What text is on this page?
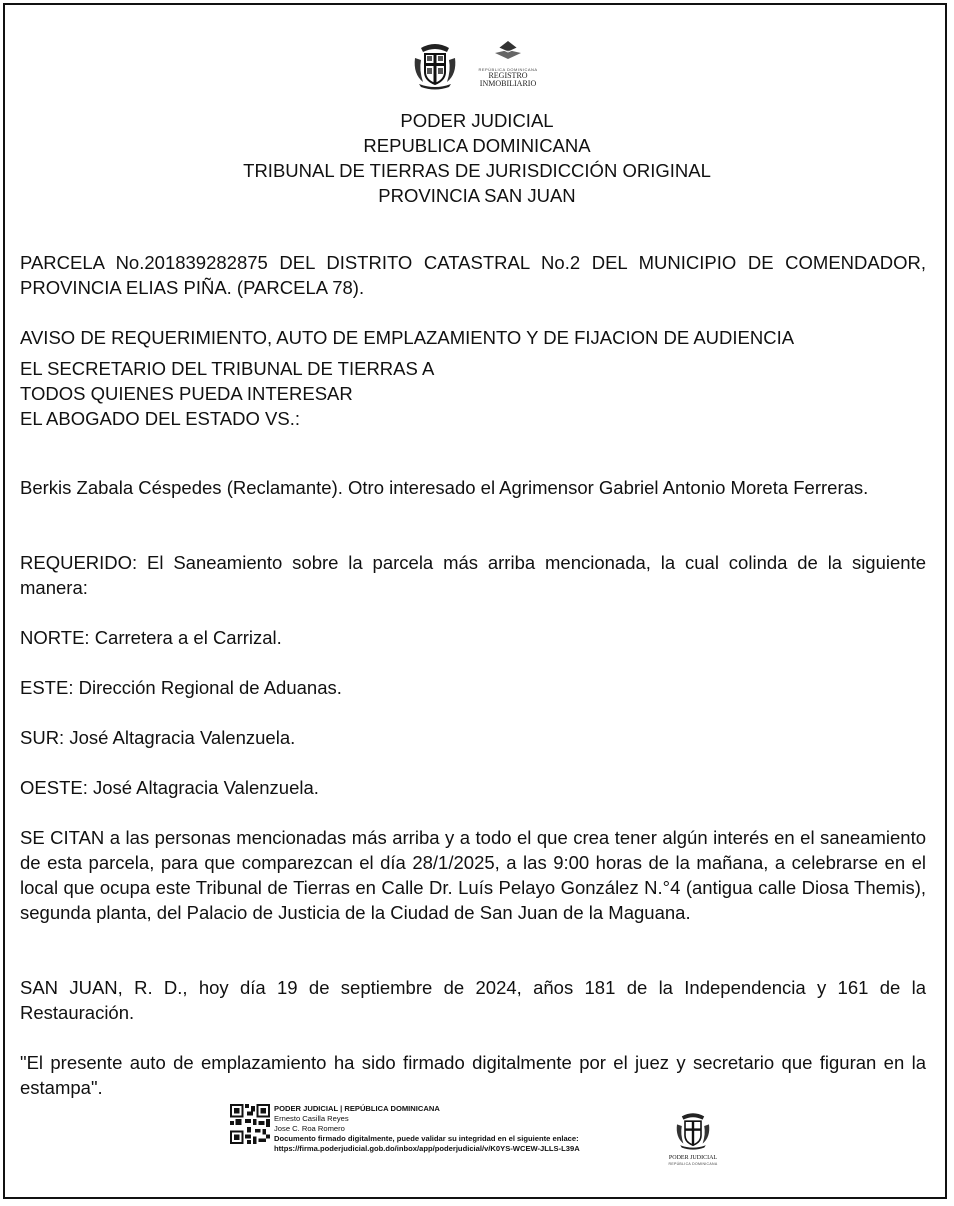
REPÚBLICA DOMINICANA
REGISTRO
INMOBILIARIO
PODER JUDICIAL
REPUBLICA DOMINICANA
TRIBUNAL DE TIERRAS DE JURISDICCIÓN ORIGINAL
PROVINCIA SAN JUAN

PARCELA No.201839282875 DEL DISTRITO CATASTRAL No.2 DEL MUNICIPIO DE COMENDADOR, PROVINCIA ELIAS PIÑA. (PARCELA 78).

AVISO DE REQUERIMIENTO, AUTO DE EMPLAZAMIENTO Y DE FIJACION DE AUDIENCIA

EL SECRETARIO DEL TRIBUNAL DE TIERRAS A
TODOS QUIENES PUEDA INTERESAR
EL ABOGADO DEL ESTADO VS.:

Berkis Zabala Céspedes (Reclamante). Otro interesado el Agrimensor Gabriel Antonio Moreta Ferreras.

REQUERIDO: El Saneamiento sobre la parcela más arriba mencionada, la cual colinda de la siguiente manera:

NORTE: Carretera a el Carrizal.

ESTE: Dirección Regional de Aduanas.

SUR: José Altagracia Valenzuela.

OESTE: José Altagracia Valenzuela.

SE CITAN a las personas mencionadas más arriba y a todo el que crea tener algún interés en el saneamiento de esta parcela, para que comparezcan el día 28/1/2025, a las 9:00 horas de la mañana, a celebrarse en el local que ocupa este Tribunal de Tierras en Calle Dr. Luís Pelayo González N.°4 (antigua calle Diosa Themis), segunda planta, del Palacio de Justicia de la Ciudad de San Juan de la Maguana.

SAN JUAN, R. D., hoy día 19 de septiembre de 2024, años 181 de la Independencia y 161 de la Restauración.

"El presente auto de emplazamiento ha sido firmado digitalmente por el juez y secretario que figuran en la estampa".

PODER JUDICIAL | REPÚBLICA DOMINICANA
Ernesto Casilla Reyes
Jose C. Roa Romero
Documento firmado digitalmente, puede validar su integridad en el siguiente enlace:
https://firma.poderjudicial.gob.do/inbox/app/poderjudicial/v/K0YS-WCEW-JLLS-L39A
PODER JUDICIAL
REPÚBLICA DOMINICANA
